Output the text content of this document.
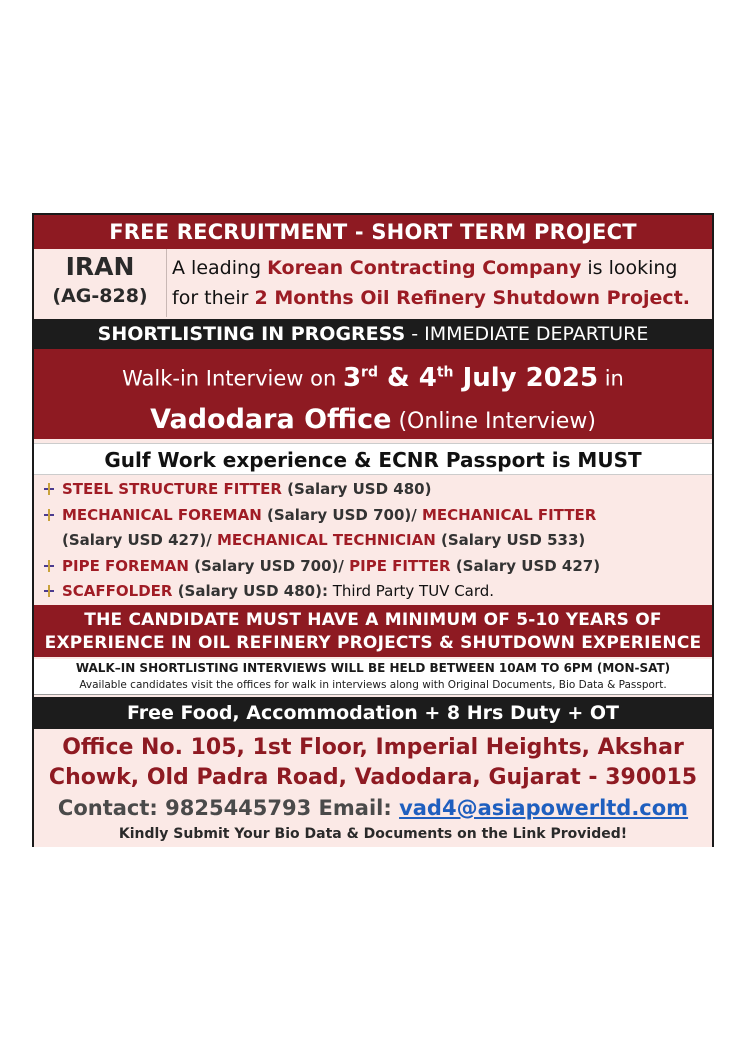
FREE RECRUITMENT - SHORT TERM PROJECT
IRAN
(AG-828)
A leading Korean Contracting Company is looking
for their 2 Months Oil Refinery Shutdown Project.
SHORTLISTING IN PROGRESS - IMMEDIATE DEPARTURE
Walk-in Interview on 3rd & 4th July 2025 in
Vadodara Office (Online Interview)
Gulf Work experience & ECNR Passport is MUST
STEEL STRUCTURE FITTER (Salary USD 480)
MECHANICAL FOREMAN (Salary USD 700)/ MECHANICAL FITTER
(Salary USD 427)/ MECHANICAL TECHNICIAN (Salary USD 533)
PIPE FOREMAN (Salary USD 700)/ PIPE FITTER (Salary USD 427)
SCAFFOLDER (Salary USD 480): Third Party TUV Card.
THE CANDIDATE MUST HAVE A MINIMUM OF 5-10 YEARS OF
EXPERIENCE IN OIL REFINERY PROJECTS & SHUTDOWN EXPERIENCE
WALK–IN SHORTLISTING INTERVIEWS WILL BE HELD BETWEEN 10AM TO 6PM (MON-SAT)
Available candidates visit the offices for walk in interviews along with Original Documents, Bio Data & Passport.
Free Food, Accommodation + 8 Hrs Duty + OT
Office No. 105, 1st Floor, Imperial Heights, Akshar
Chowk, Old Padra Road, Vadodara, Gujarat - 390015
Contact: 9825445793 Email: vad4@asiapowerltd.com
Kindly Submit Your Bio Data & Documents on the Link Provided!
